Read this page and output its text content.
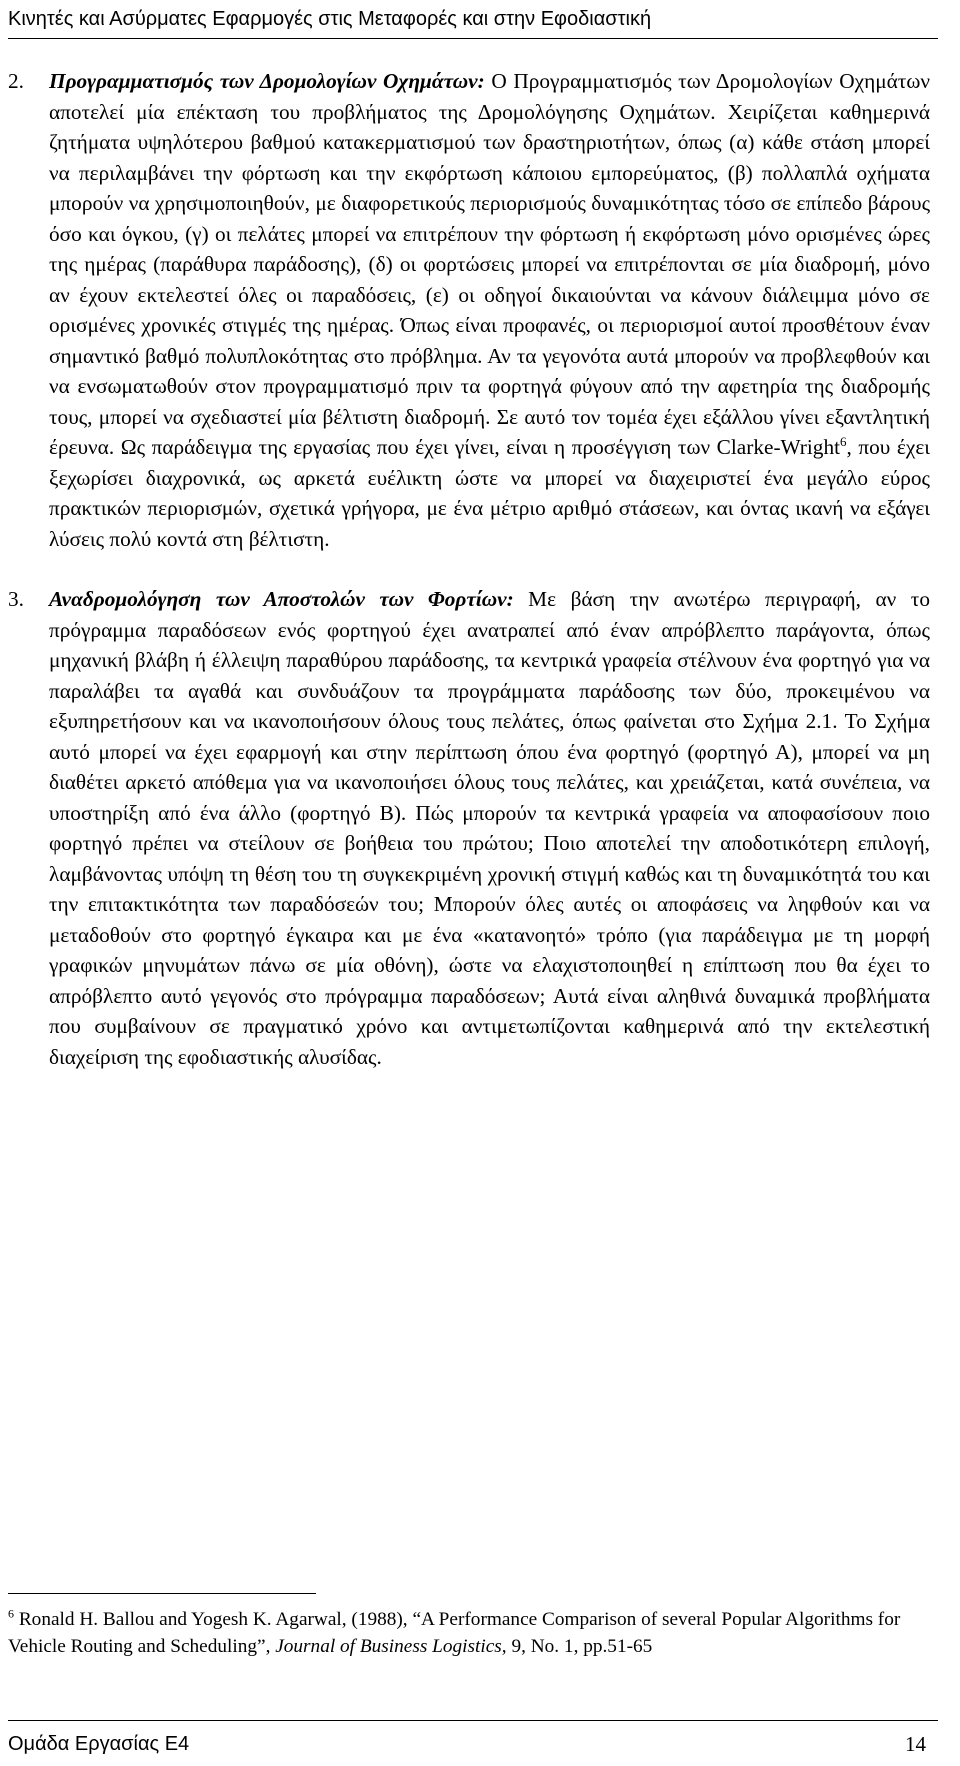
Κινητές και Ασύρματες Εφαρμογές στις Μεταφορές και στην Εφοδιαστική
2.	Προγραμματισμός των Δρομολογίων Οχημάτων: Ο Προγραμματισμός των Δρομολογίων Οχημάτων αποτελεί μία επέκταση του προβλήματος της Δρομολόγησης Οχημάτων. Χειρίζεται καθημερινά ζητήματα υψηλότερου βαθμού κατακερματισμού των δραστηριοτήτων, όπως (α) κάθε στάση μπορεί να περιλαμβάνει την φόρτωση και την εκφόρτωση κάποιου εμπορεύματος, (β) πολλαπλά οχήματα μπορούν να χρησιμοποιηθούν, με διαφορετικούς περιορισμούς δυναμικότητας τόσο σε επίπεδο βάρους όσο και όγκου, (γ) οι πελάτες μπορεί να επιτρέπουν την φόρτωση ή εκφόρτωση μόνο ορισμένες ώρες της ημέρας (παράθυρα παράδοσης), (δ) οι φορτώσεις μπορεί να επιτρέπονται σε μία διαδρομή, μόνο αν έχουν εκτελεστεί όλες οι παραδόσεις, (ε) οι οδηγοί δικαιούνται να κάνουν διάλειμμα μόνο σε ορισμένες χρονικές στιγμές της ημέρας. Όπως είναι προφανές, οι περιορισμοί αυτοί προσθέτουν έναν σημαντικό βαθμό πολυπλοκότητας στο πρόβλημα. Αν τα γεγονότα αυτά μπορούν να προβλεφθούν και να ενσωματωθούν στον προγραμματισμό πριν τα φορτηγά φύγουν από την αφετηρία της διαδρομής τους, μπορεί να σχεδιαστεί μία βέλτιστη διαδρομή. Σε αυτό τον τομέα έχει εξάλλου γίνει εξαντλητική έρευνα. Ως παράδειγμα της εργασίας που έχει γίνει, είναι η προσέγγιση των Clarke-Wright$^6$, που έχει ξεχωρίσει διαχρονικά, ως αρκετά ευέλικτη ώστε να μπορεί να διαχειριστεί ένα μεγάλο εύρος πρακτικών περιορισμών, σχετικά γρήγορα, με ένα μέτριο αριθμό στάσεων, και όντας ικανή να εξάγει λύσεις πολύ κοντά στη βέλτιστη.

3.	Αναδρομολόγηση των Αποστολών των Φορτίων: Με βάση την ανωτέρω περιγραφή, αν το πρόγραμμα παραδόσεων ενός φορτηγού έχει ανατραπεί από έναν απρόβλεπτο παράγοντα, όπως μηχανική βλάβη ή έλλειψη παραθύρου παράδοσης, τα κεντρικά γραφεία στέλνουν ένα φορτηγό για να παραλάβει τα αγαθά και συνδυάζουν τα προγράμματα παράδοσης των δύο, προκειμένου να εξυπηρετήσουν και να ικανοποιήσουν όλους τους πελάτες, όπως φαίνεται στο Σχήμα 2.1. Το Σχήμα αυτό μπορεί να έχει εφαρμογή και στην περίπτωση όπου ένα φορτηγό (φορτηγό Α), μπορεί να μη διαθέτει αρκετό απόθεμα για να ικανοποιήσει όλους τους πελάτες, και χρειάζεται, κατά συνέπεια, να υποστηρίξη από ένα άλλο (φορτηγό Β). Πώς μπορούν τα κεντρικά γραφεία να αποφασίσουν ποιο φορτηγό πρέπει να στείλουν σε βοήθεια του πρώτου; Ποιο αποτελεί την αποδοτικότερη επιλογή, λαμβάνοντας υπόψη τη θέση του τη συγκεκριμένη χρονική στιγμή καθώς και τη δυναμικότητά του και την επιτακτικότητα των παραδόσεών του; Μπορούν όλες αυτές οι αποφάσεις να ληφθούν και να μεταδοθούν στο φορτηγό έγκαιρα και με ένα «κατανοητό» τρόπο (για παράδειγμα με τη μορφή γραφικών μηνυμάτων πάνω σε μία οθόνη), ώστε να ελαχιστοποιηθεί η επίπτωση που θα έχει το απρόβλεπτο αυτό γεγονός στο πρόγραμμα παραδόσεων; Αυτά είναι αληθινά δυναμικά προβλήματα που συμβαίνουν σε πραγματικό χρόνο και αντιμετωπίζονται καθημερινά από την εκτελεστική διαχείριση της εφοδιαστικής αλυσίδας.

$^6$ Ronald H. Ballou and Yogesh K. Agarwal, (1988), “A Performance Comparison of several Popular Algorithms for Vehicle Routing and Scheduling”, Journal of Business Logistics, 9, No. 1, pp.51-65
Ομάδα Εργασίας Ε4	14
